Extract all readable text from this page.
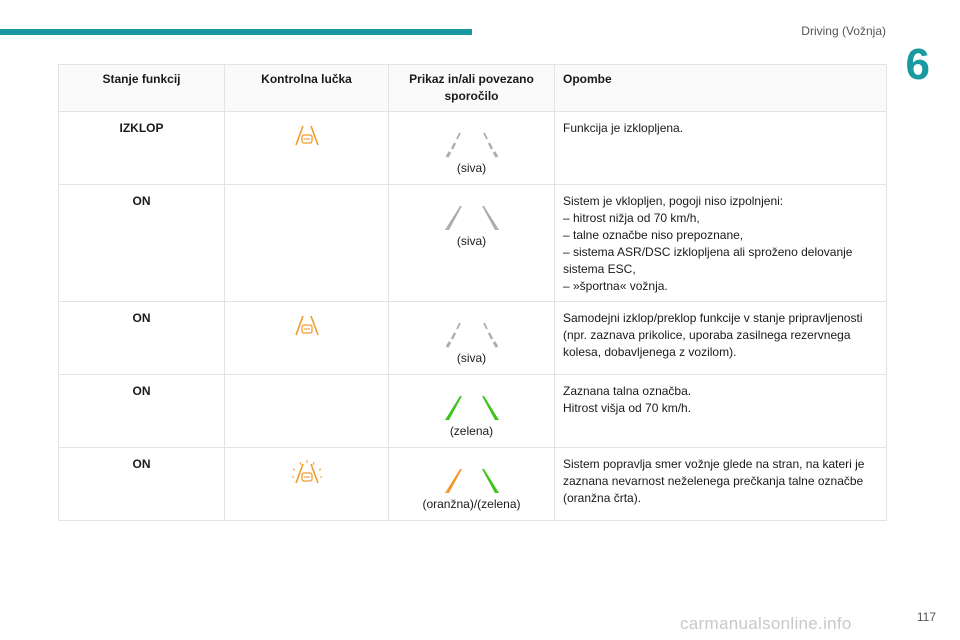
Driving (Vožnja)
6
Stanje funkcij	Kontrolna lučka	Prikaz in/ali povezano sporočilo	Opombe
IZKLOP		(siva)	Funkcija je izklopljena.

ON		(siva)	Sistem je vklopljen, pogoji niso izpolnjeni:
– hitrost nižja od 70 km/h,
– talne označbe niso prepoznane,
– sistema ASR/DSC izklopljena ali sproženo delovanje sistema ESC,
– »športna« vožnja.

ON		(siva)	Samodejni izklop/preklop funkcije v stanje pripravljenosti (npr. zaznava prikolice, uporaba zasilnega rezervnega kolesa, dobavljenega z vozilom).

ON		(zelena)	Zaznana talna označba.
Hitrost višja od 70 km/h.

ON		(oranžna)/(zelena)	Sistem popravlja smer vožnje glede na stran, na kateri je zaznana nevarnost neželenega prečkanja talne označbe (oranžna črta).
117
carmanualsonline.info
